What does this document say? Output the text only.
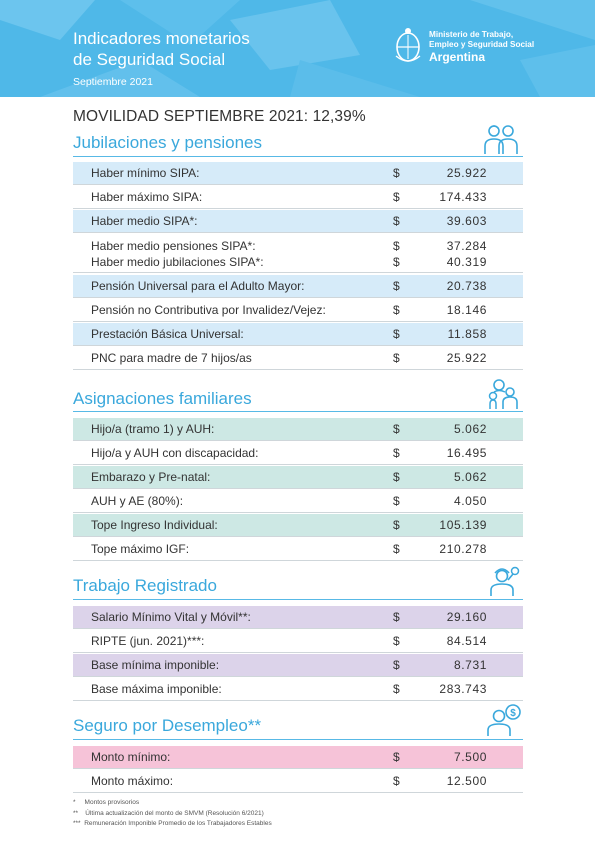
Indicadores monetarios
de Seguridad Social
Septiembre 2021
Ministerio de Trabajo,
Empleo y Seguridad Social
Argentina
MOVILIDAD SEPTIEMBRE 2021: 12,39%
Jubilaciones y pensiones
Haber mínimo SIPA:	$	25.922
Haber máximo SIPA:	$	174.433
Haber medio SIPA*:	$	39.603
Haber medio pensiones SIPA*:	$	37.284
Haber medio jubilaciones SIPA*:	$	40.319
Pensión Universal para el Adulto Mayor:	$	20.738
Pensión no Contributiva por Invalidez/Vejez:	$	18.146
Prestación Básica Universal:	$	11.858
PNC para madre de 7 hijos/as	$	25.922
Asignaciones familiares
Hijo/a (tramo 1) y AUH:	$	5.062
Hijo/a y AUH con discapacidad:	$	16.495
Embarazo y Pre-natal:	$	5.062
AUH y AE (80%):	$	4.050
Tope Ingreso Individual:	$	105.139
Tope máximo IGF:	$	210.278
Trabajo Registrado
Salario Mínimo Vital y Móvil**:	$	29.160
RIPTE (jun. 2021)***:	$	84.514
Base mínima imponible:	$	8.731
Base máxima imponible:	$	283.743
Seguro por Desempleo**
$
Monto mínimo:	$	7.500
Monto máximo:	$	12.500
*     Montos provisorios
**    Última actualización del monto de SMVM (Resolución 6/2021)
***  Remuneración Imponible Promedio de los Trabajadores Estables
